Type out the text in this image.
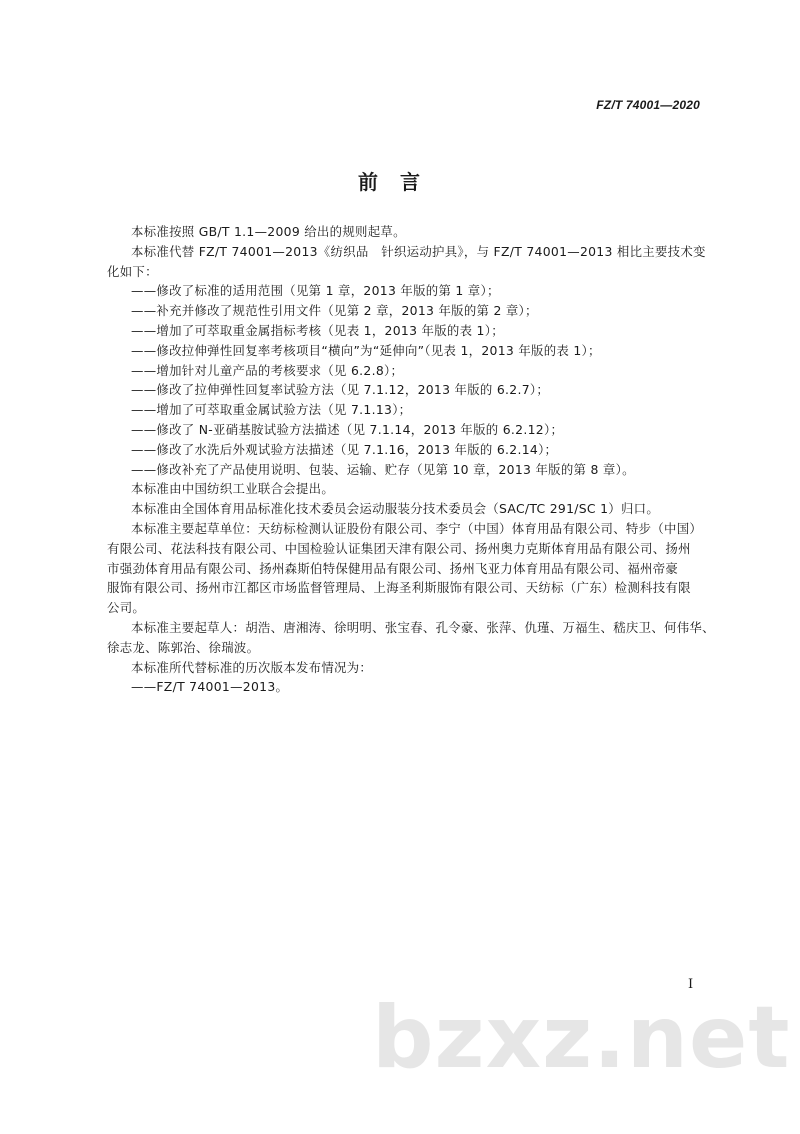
FZ/T 74001—2020
前言
本标准按照 GB/T 1.1—2009 给出的规则起草。
本标准代替 FZ/T 74001—2013《纺织品　针织运动护具》，与 FZ/T 74001—2013 相比主要技术变
化如下：
——修改了标准的适用范围（见第 1 章，2013 年版的第 1 章）；
——补充并修改了规范性引用文件（见第 2 章，2013 年版的第 2 章）；
——增加了可萃取重金属指标考核（见表 1，2013 年版的表 1）；
——修改拉伸弹性回复率考核项目“横向”为“延伸向”（见表 1，2013 年版的表 1）；
——增加针对儿童产品的考核要求（见 6.2.8）；
——修改了拉伸弹性回复率试验方法（见 7.1.12，2013 年版的 6.2.7）；
——增加了可萃取重金属试验方法（见 7.1.13）；
——修改了 N-亚硝基胺试验方法描述（见 7.1.14，2013 年版的 6.2.12）；
——修改了水洗后外观试验方法描述（见 7.1.16，2013 年版的 6.2.14）；
——修改补充了产品使用说明、包装、运输、贮存（见第 10 章，2013 年版的第 8 章）。
本标准由中国纺织工业联合会提出。
本标准由全国体育用品标准化技术委员会运动服装分技术委员会（SAC/TC 291/SC 1）归口。
本标准主要起草单位：天纺标检测认证股份有限公司、李宁（中国）体育用品有限公司、特步（中国）
有限公司、花法科技有限公司、中国检验认证集团天津有限公司、扬州奥力克斯体育用品有限公司、扬州
市强劲体育用品有限公司、扬州森斯伯特保健用品有限公司、扬州飞亚力体育用品有限公司、福州帝豪
服饰有限公司、扬州市江都区市场监督管理局、上海圣利斯服饰有限公司、天纺标（广东）检测科技有限
公司。
本标准主要起草人：胡浩、唐湘涛、徐明明、张宝春、孔令豪、张萍、仇瑾、万福生、嵇庆卫、何伟华、
徐志龙、陈郭治、徐瑞波。
本标准所代替标准的历次版本发布情况为：
——FZ/T 74001—2013。
I
bzxz.net
